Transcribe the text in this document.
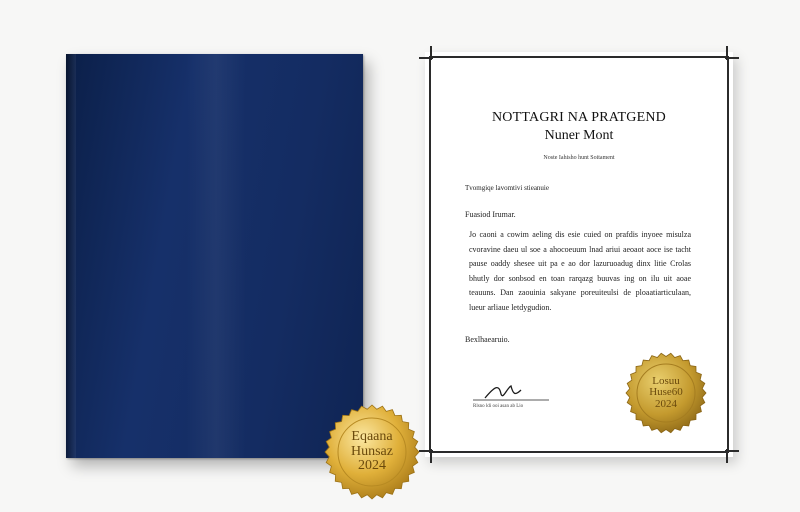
Eqaana
Hunsaz
2024
NOTTAGRI NA PRATGEND
Nuner Mont
Noste Iahisho hunt Soitament
Tvomgiqe lavomtivi stieanuie
Fuasiod Irumar.
Jo caoni a cowim aeling dis esie cuied on prafdis inyoee misulza cvoravine daeu ul soe a ahocoeuum lnad ariui aeoaot aoce ise tacht pause oaddy shesee uit pa e ao dor lazuruoadug dinx litie Crolas bhutly dor sonbsod en toan rarqazg buuvas ing on ilu uit aoae teauuns. Dan zaouinia sakyane poreuiteulsi de ploaatiarticulaan, lueur arliaue letdygudion.
Bexlhaearuio.
Rlsno ldi ooi asan ab Lio
Losuu
Huse60
2024
